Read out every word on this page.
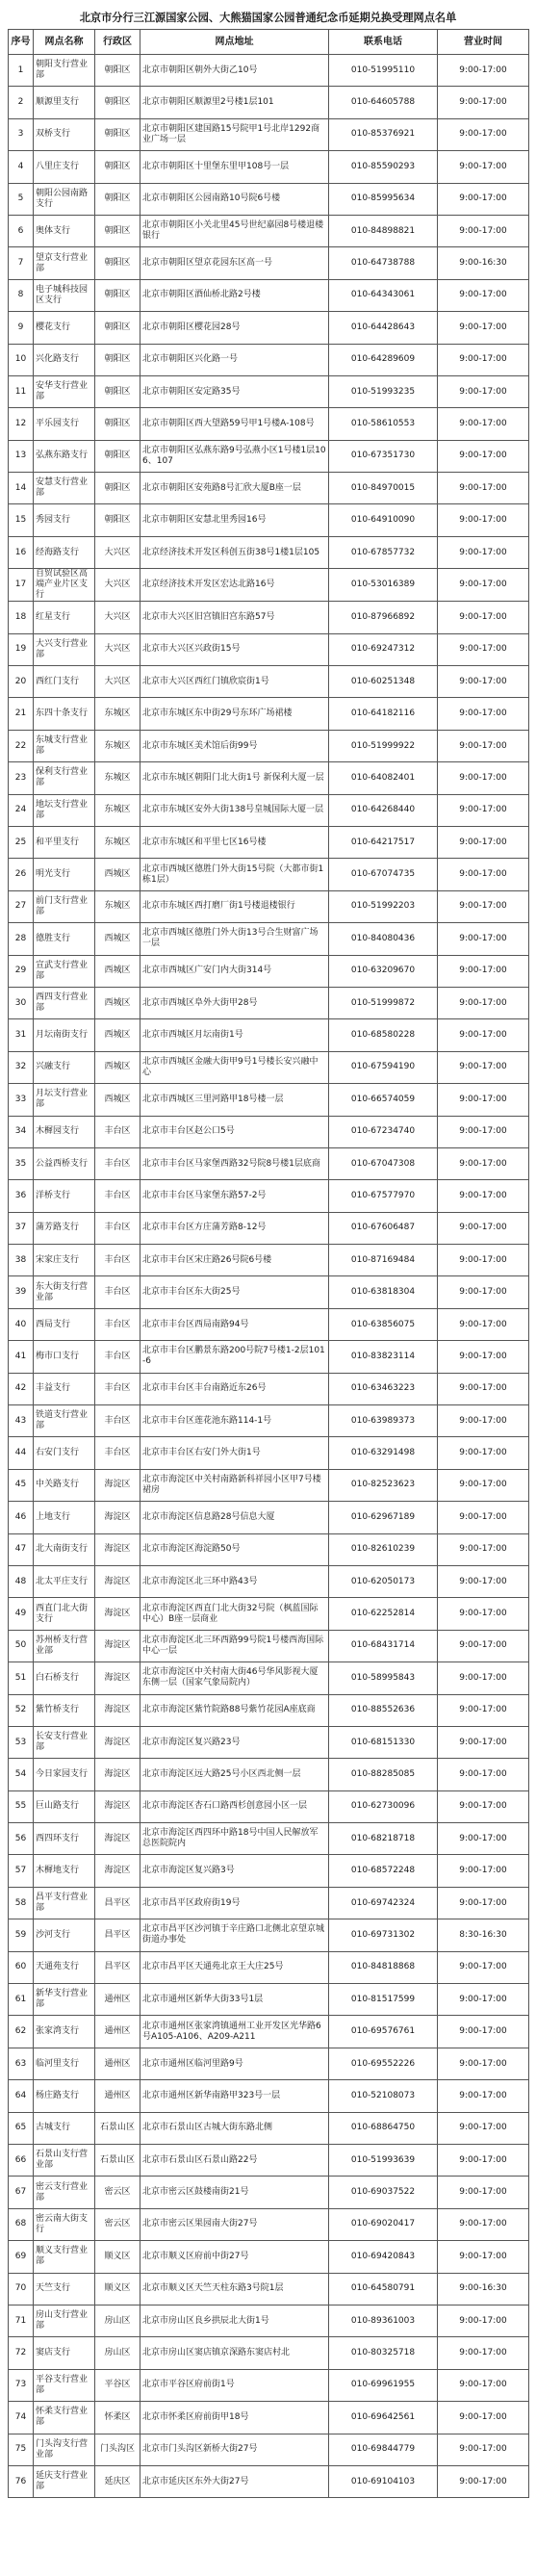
北京市分行三江源国家公园、大熊猫国家公园普通纪念币延期兑换受理网点名单
序号	网点名称	行政区	网点地址	联系电话	营业时间
1	朝阳支行营业部	朝阳区	北京市朝阳区朝外大街乙10号	010-51995110	9:00-17:00
2	顺源里支行	朝阳区	北京市朝阳区顺源里2号楼1层101	010-64605788	9:00-17:00
3	双桥支行	朝阳区	北京市朝阳区建国路15号院甲1号北岸1292商业广场一层	010-85376921	9:00-17:00
4	八里庄支行	朝阳区	北京市朝阳区十里堡东里甲108号一层	010-85590293	9:00-17:00
5	朝阳公园南路支行	朝阳区	北京市朝阳区公园南路10号院6号楼	010-85995634	9:00-17:00
6	奥体支行	朝阳区	北京市朝阳区小关北里45号世纪嘉园8号楼退楼银行	010-84898821	9:00-17:00
7	望京支行营业部	朝阳区	北京市朝阳区望京花园东区高一号	010-64738788	9:00-16:30
8	电子城科技园区支行	朝阳区	北京市朝阳区酒仙桥北路2号楼	010-64343061	9:00-17:00
9	樱花支行	朝阳区	北京市朝阳区樱花园28号	010-64428643	9:00-17:00
10	兴化路支行	朝阳区	北京市朝阳区兴化路一号	010-64289609	9:00-17:00
11	安华支行营业部	朝阳区	北京市朝阳区安定路35号	010-51993235	9:00-17:00
12	平乐园支行	朝阳区	北京市朝阳区西大望路59号甲1号楼A-108号	010-58610553	9:00-17:00
13	弘燕东路支行	朝阳区	北京市朝阳区弘燕东路9号弘燕小区1号楼1层106、107	010-67351730	9:00-17:00
14	安慧支行营业部	朝阳区	北京市朝阳区安苑路8号汇欣大厦B座一层	010-84970015	9:00-17:00
15	秀园支行	朝阳区	北京市朝阳区安慧北里秀园16号	010-64910090	9:00-17:00
16	经海路支行	大兴区	北京经济技术开发区科创五街38号1楼1层105	010-67857732	9:00-17:00
17	自贸试验区高端产业片区支行	大兴区	北京经济技术开发区宏达北路16号	010-53016389	9:00-17:00
18	红星支行	大兴区	北京市大兴区旧宫镇旧宫东路57号	010-87966892	9:00-17:00
19	大兴支行营业部	大兴区	北京市大兴区兴政街15号	010-69247312	9:00-17:00
20	西红门支行	大兴区	北京市大兴区西红门镇欣宸街1号	010-60251348	9:00-17:00
21	东四十条支行	东城区	北京市东城区东中街29号东环广场裙楼	010-64182116	9:00-17:00
22	东城支行营业部	东城区	北京市东城区美术馆后街99号	010-51999922	9:00-17:00
23	保利支行营业部	东城区	北京市东城区朝阳门北大街1号 新保利大厦一层	010-64082401	9:00-17:00
24	地坛支行营业部	东城区	北京市东城区安外大街138号皇城国际大厦一层	010-64268440	9:00-17:00
25	和平里支行	东城区	北京市东城区和平里七区16号楼	010-64217517	9:00-17:00
26	明光支行	西城区	北京市西城区德胜门外大街15号院（大都市街1栋1层）	010-67074735	9:00-17:00
27	前门支行营业部	东城区	北京市东城区西打磨厂街1号楼退楼银行	010-51992203	9:00-17:00
28	德胜支行	西城区	北京市西城区德胜门外大街13号合生财富广场一层	010-84080436	9:00-17:00
29	宣武支行营业部	西城区	北京市西城区广安门内大街314号	010-63209670	9:00-17:00
30	西四支行营业部	西城区	北京市西城区阜外大街甲28号	010-51999872	9:00-17:00
31	月坛南街支行	西城区	北京市西城区月坛南街1号	010-68580228	9:00-17:00
32	兴融支行	西城区	北京市西城区金融大街甲9号1号楼长安兴融中心	010-67594190	9:00-17:00
33	月坛支行营业部	西城区	北京市西城区三里河路甲18号楼一层	010-66574059	9:00-17:00
34	木樨园支行	丰台区	北京市丰台区赵公口5号	010-67234740	9:00-17:00
35	公益西桥支行	丰台区	北京市丰台区马家堡西路32号院8号楼1层底商	010-67047308	9:00-17:00
36	洋桥支行	丰台区	北京市丰台区马家堡东路57-2号	010-67577970	9:00-17:00
37	蒲芳路支行	丰台区	北京市丰台区方庄蒲芳路8-12号	010-67606487	9:00-17:00
38	宋家庄支行	丰台区	北京市丰台区宋庄路26号院6号楼	010-87169484	9:00-17:00
39	东大街支行营业部	丰台区	北京市丰台区东大街25号	010-63818304	9:00-17:00
40	西局支行	丰台区	北京市丰台区西局南路94号	010-63856075	9:00-17:00
41	梅市口支行	丰台区	北京市丰台区鹏景东路200号院7号楼1-2层101-6	010-83823114	9:00-17:00
42	丰益支行	丰台区	北京市丰台区丰台南路近东26号	010-63463223	9:00-17:00
43	铁道支行营业部	丰台区	北京市丰台区莲花池东路114-1号	010-63989373	9:00-17:00
44	右安门支行	丰台区	北京市丰台区右安门外大街1号	010-63291498	9:00-17:00
45	中关路支行	海淀区	北京市海淀区中关村南路新科祥园小区甲7号楼裙房	010-82523623	9:00-17:00
46	上地支行	海淀区	北京市海淀区信息路28号信息大厦	010-62967189	9:00-17:00
47	北大南街支行	海淀区	北京市海淀区海淀路50号	010-82610239	9:00-17:00
48	北太平庄支行	海淀区	北京市海淀区北三环中路43号	010-62050173	9:00-17:00
49	西直门北大街支行	海淀区	北京市海淀区西直门北大街32号院（枫蓝国际中心）B座一层商业	010-62252814	9:00-17:00
50	苏州桥支行营业部	海淀区	北京市海淀区北三环西路99号院1号楼西海国际中心一层	010-68431714	9:00-17:00
51	白石桥支行	海淀区	北京市海淀区中关村南大街46号华风影视大厦东侧一层（国家气象局院内）	010-58995843	9:00-17:00
52	紫竹桥支行	海淀区	北京市海淀区紫竹院路88号紫竹花园A座底商	010-88552636	9:00-17:00
53	长安支行营业部	海淀区	北京市海淀区复兴路23号	010-68151330	9:00-17:00
54	今日家园支行	海淀区	北京市海淀区远大路25号小区西北侧一层	010-88285085	9:00-17:00
55	巨山路支行	海淀区	北京市海淀区杏石口路西杉创意园小区一层	010-62730096	9:00-17:00
56	西四环支行	海淀区	北京市海淀区西四环中路18号中国人民解放军总医院院内	010-68218718	9:00-17:00
57	木樨地支行	海淀区	北京市海淀区复兴路3号	010-68572248	9:00-17:00
58	昌平支行营业部	昌平区	北京市昌平区政府街19号	010-69742324	9:00-17:00
59	沙河支行	昌平区	北京市昌平区沙河镇于辛庄路口北侧北京望京城街道办事处	010-69731302	8:30-16:30
60	天通苑支行	昌平区	北京市昌平区天通苑北京王大庄25号	010-84818868	9:00-17:00
61	新华支行营业部	通州区	北京市通州区新华大街33号1层	010-81517599	9:00-17:00
62	张家湾支行	通州区	北京市通州区张家湾镇通州工业开发区光华路6号A105-A106、A209-A211	010-69576761	9:00-17:00
63	临河里支行	通州区	北京市通州区临河里路9号	010-69552226	9:00-17:00
64	杨庄路支行	通州区	北京市通州区新华南路甲323号一层	010-52108073	9:00-17:00
65	古城支行	石景山区	北京市石景山区古城大街东路北侧	010-68864750	9:00-17:00
66	石景山支行营业部	石景山区	北京市石景山区石景山路22号	010-51993639	9:00-17:00
67	密云支行营业部	密云区	北京市密云区鼓楼南街21号	010-69037522	9:00-17:00
68	密云南大街支行	密云区	北京市密云区果园南大街27号	010-69020417	9:00-17:00
69	顺义支行营业部	顺义区	北京市顺义区府前中街27号	010-69420843	9:00-17:00
70	天竺支行	顺义区	北京市顺义区天竺天柱东路3号院1层	010-64580791	9:00-16:30
71	房山支行营业部	房山区	北京市房山区良乡拱辰北大街1号	010-89361003	9:00-17:00
72	窦店支行	房山区	北京市房山区窦店镇京深路东窦店村北	010-80325718	9:00-17:00
73	平谷支行营业部	平谷区	北京市平谷区府前街1号	010-69961955	9:00-17:00
74	怀柔支行营业部	怀柔区	北京市怀柔区府前街甲18号	010-69642561	9:00-17:00
75	门头沟支行营业部	门头沟区	北京市门头沟区新桥大街27号	010-69844779	9:00-17:00
76	延庆支行营业部	延庆区	北京市延庆区东外大街27号	010-69104103	9:00-17:00
